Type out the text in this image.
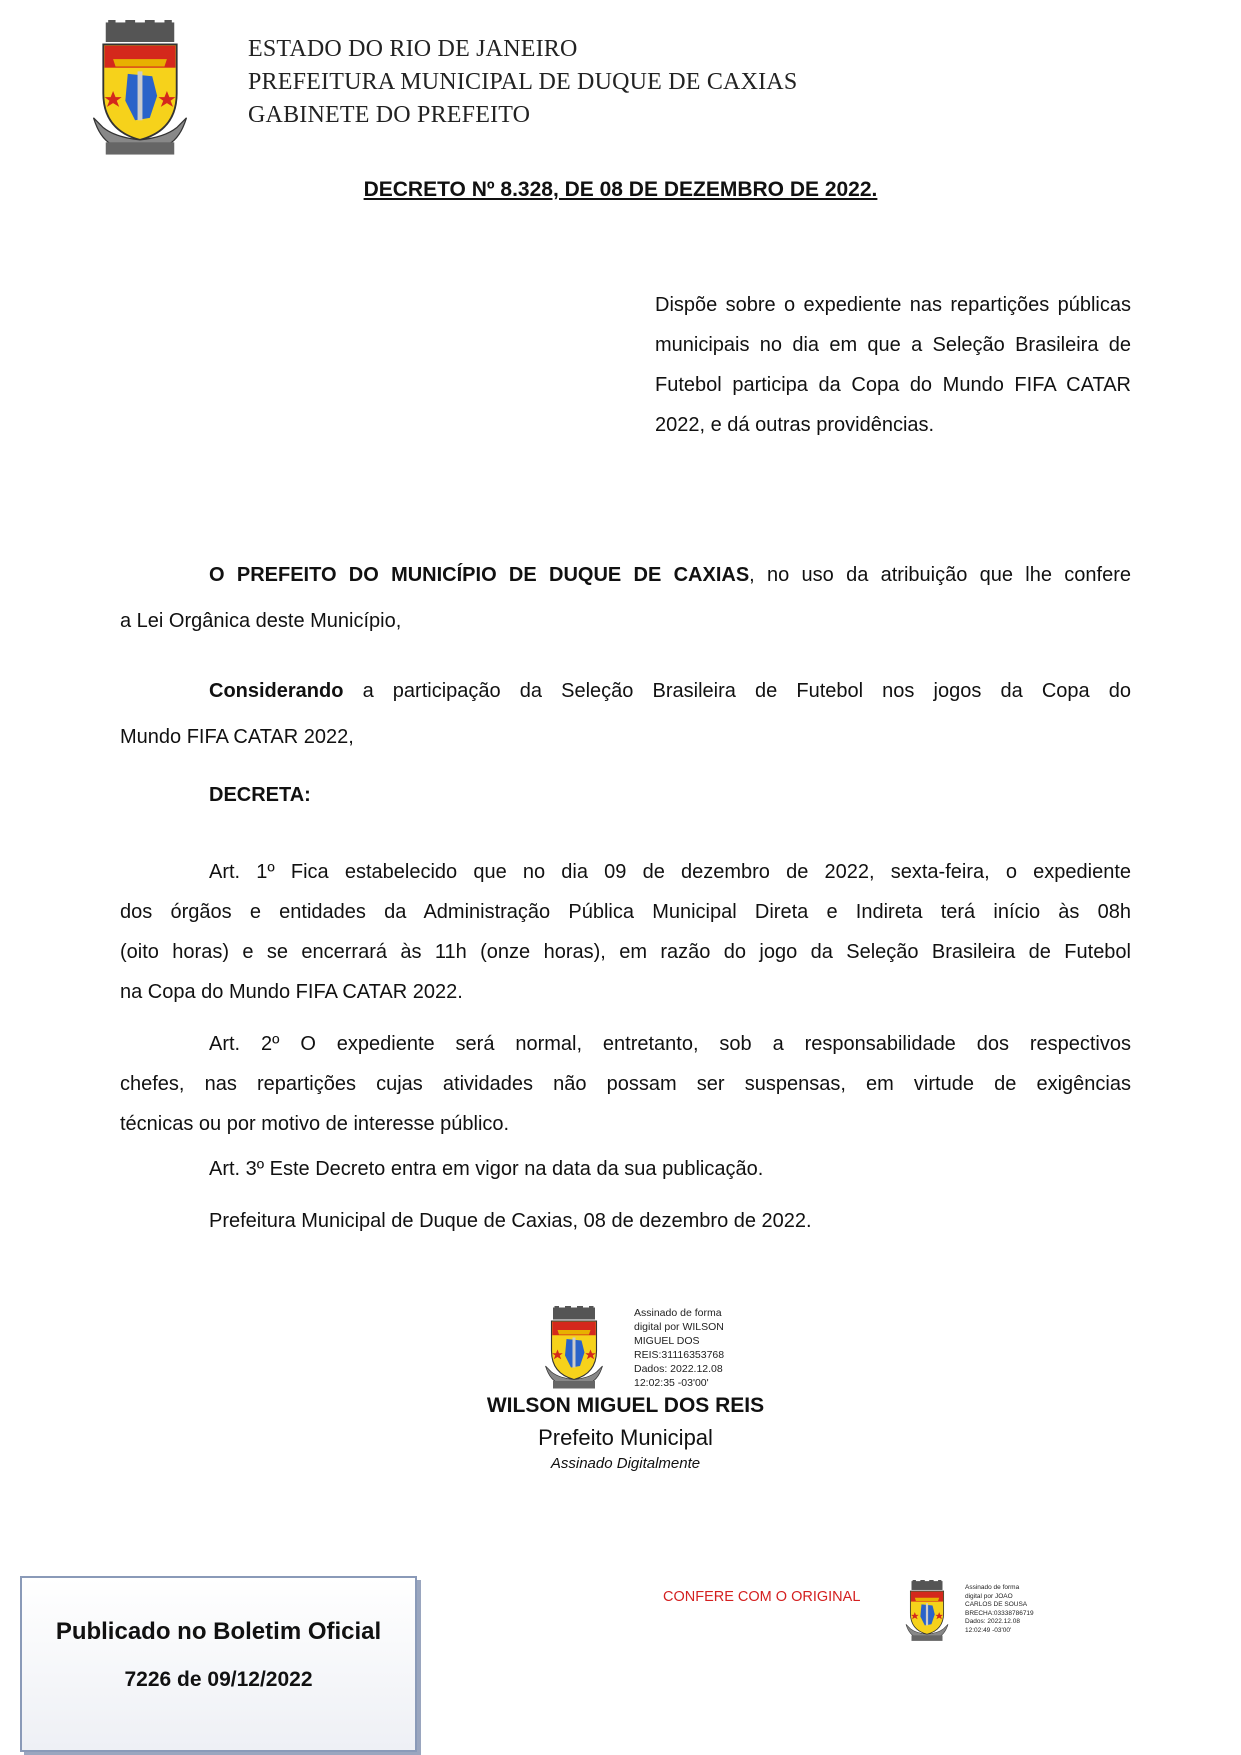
ESTADO DO RIO DE JANEIRO
PREFEITURA MUNICIPAL DE DUQUE DE CAXIAS
GABINETE DO PREFEITO
DECRETO Nº 8.328, DE 08 DE DEZEMBRO DE 2022.
Dispõe sobre o expediente nas repartições públicas municipais no dia em que a Seleção Brasileira de Futebol participa da Copa do Mundo FIFA CATAR 2022, e dá outras providências.
O PREFEITO DO MUNICÍPIO DE DUQUE DE CAXIAS, no uso da atribuição que lhe confere
a Lei Orgânica deste Município,
Considerando a participação da Seleção Brasileira de Futebol nos jogos da Copa do
Mundo FIFA CATAR 2022,
DECRETA:
Art. 1º Fica estabelecido que no dia 09 de dezembro de 2022, sexta-feira, o expediente
dos órgãos e entidades da Administração Pública Municipal Direta e Indireta terá início às 08h
(oito horas) e se encerrará às 11h (onze horas), em razão do jogo da Seleção Brasileira de Futebol
na Copa do Mundo FIFA CATAR 2022.
Art. 2º O expediente será normal, entretanto, sob a responsabilidade dos respectivos
chefes, nas repartições cujas atividades não possam ser suspensas, em virtude de exigências
técnicas ou por motivo de interesse público.
Art. 3º Este Decreto entra em vigor na data da sua publicação.
Prefeitura Municipal de Duque de Caxias, 08 de dezembro de 2022.
Assinado de forma
digital por WILSON
MIGUEL DOS
REIS:31116353768
Dados: 2022.12.08
12:02:35 -03'00'
WILSON MIGUEL DOS REIS
Prefeito Municipal
Assinado Digitalmente
Publicado no Boletim Oficial
7226 de 09/12/2022
CONFERE COM O ORIGINAL
Assinado de forma
digital por JOAO
CARLOS DE SOUSA
BRECHA:03338786719
Dados: 2022.12.08
12:02:49 -03'00'
